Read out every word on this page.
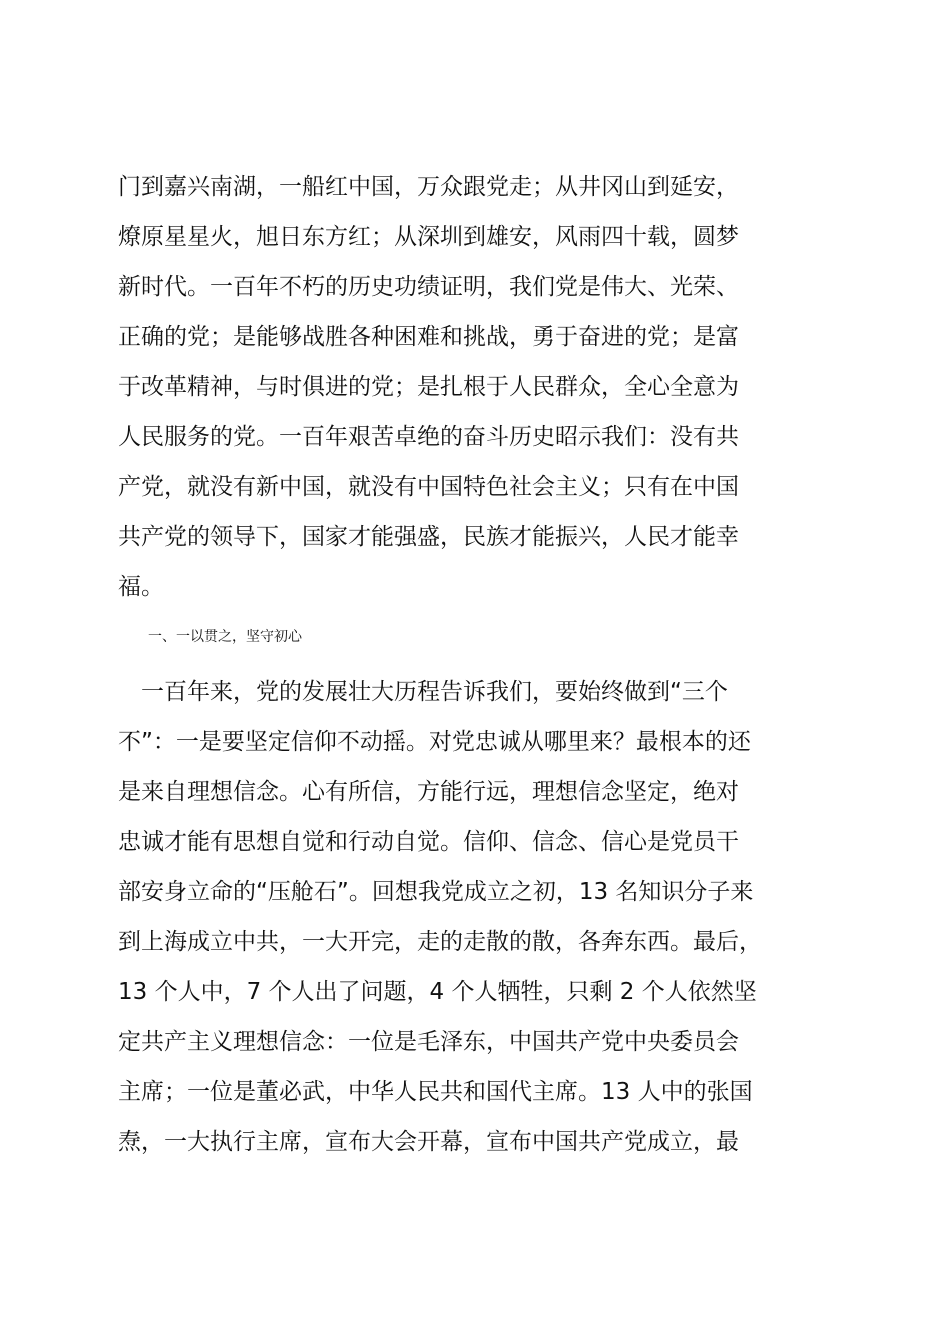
门到嘉兴南湖，一船红中国，万众跟党走；从井冈山到延安，
燎原星星火，旭日东方红；从深圳到雄安，风雨四十载，圆梦
新时代。一百年不朽的历史功绩证明，我们党是伟大、光荣、
正确的党；是能够战胜各种困难和挑战，勇于奋进的党；是富
于改革精神，与时俱进的党；是扎根于人民群众，全心全意为
人民服务的党。一百年艰苦卓绝的奋斗历史昭示我们：没有共
产党，就没有新中国，就没有中国特色社会主义；只有在中国
共产党的领导下，国家才能强盛，民族才能振兴，人民才能幸
福。
一、一以贯之，坚守初心
　一百年来，党的发展壮大历程告诉我们，要始终做到“三个
不”：一是要坚定信仰不动摇。对党忠诚从哪里来？最根本的还
是来自理想信念。心有所信，方能行远，理想信念坚定，绝对
忠诚才能有思想自觉和行动自觉。信仰、信念、信心是党员干
部安身立命的“压舱石”。回想我党成立之初，13 名知识分子来
到上海成立中共，一大开完，走的走散的散，各奔东西。最后，
13 个人中，7 个人出了问题，4 个人牺牲，只剩 2 个人依然坚
定共产主义理想信念：一位是毛泽东，中国共产党中央委员会
主席；一位是董必武，中华人民共和国代主席。13 人中的张国
焘，一大执行主席，宣布大会开幕，宣布中国共产党成立，最
